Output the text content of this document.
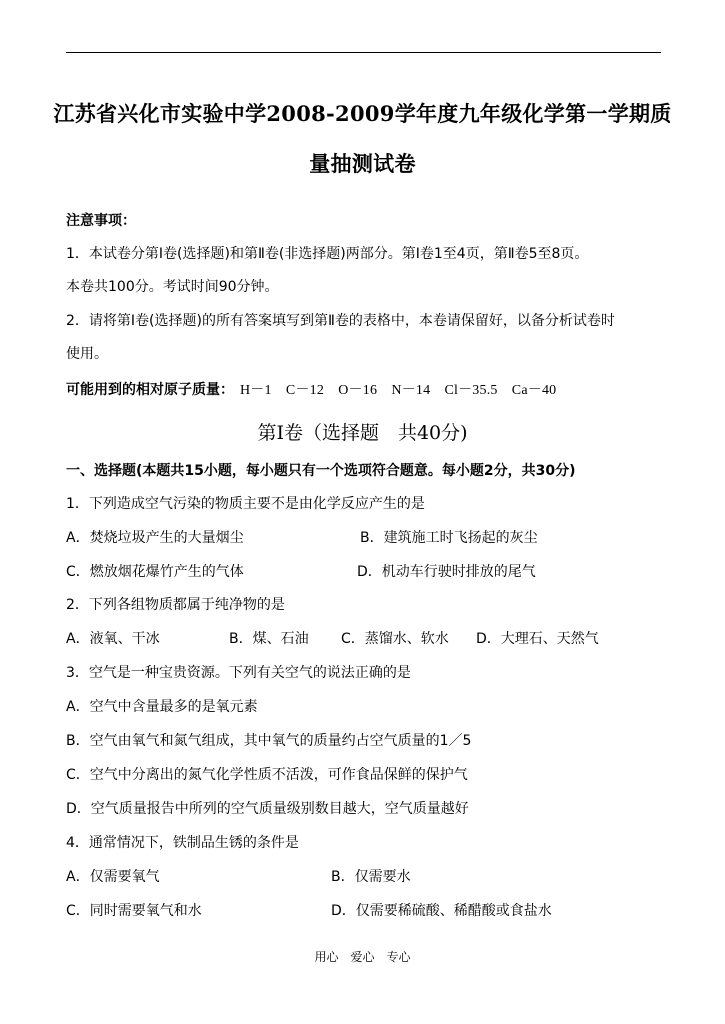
江苏省兴化市实验中学2008-2009学年度九年级化学第一学期质
量抽测试卷
注意事项：
1．本试卷分第Ⅰ卷(选择题)和第Ⅱ卷(非选择题)两部分。第Ⅰ卷1至4页，第Ⅱ卷5至8页。
本卷共100分。考试时间90分钟。
2．请将第Ⅰ卷(选择题)的所有答案填写到第Ⅱ卷的表格中，本卷请保留好，以备分析试卷时
使用。
可能用到的相对原子质量： H－1　C－12　O－16　N－14　Cl－35.5　Ca－40
第Ⅰ卷（选择题　共40分)
一、选择题(本题共15小题，每小题只有一个选项符合题意。每小题2分，共30分)
1．下列造成空气污染的物质主要不是由化学反应产生的是
A．焚烧垃圾产生的大量烟尘	B．建筑施工时飞扬起的灰尘
C．燃放烟花爆竹产生的气体	D．机动车行驶时排放的尾气
2．下列各组物质都属于纯净物的是
A．液氧、干冰	B．煤、石油 C．蒸馏水、软水 D．大理石、天然气
3．空气是一种宝贵资源。下列有关空气的说法正确的是
A．空气中含量最多的是氧元素
B．空气由氧气和氮气组成，其中氧气的质量约占空气质量的1／5
C．空气中分离出的氮气化学性质不活泼，可作食品保鲜的保护气
D．空气质量报告中所列的空气质量级别数目越大，空气质量越好
4．通常情况下，铁制品生锈的条件是
A．仅需要氧气	B．仅需要水
C．同时需要氧气和水	D．仅需要稀硫酸、稀醋酸或食盐水
用心　爱心　专心
